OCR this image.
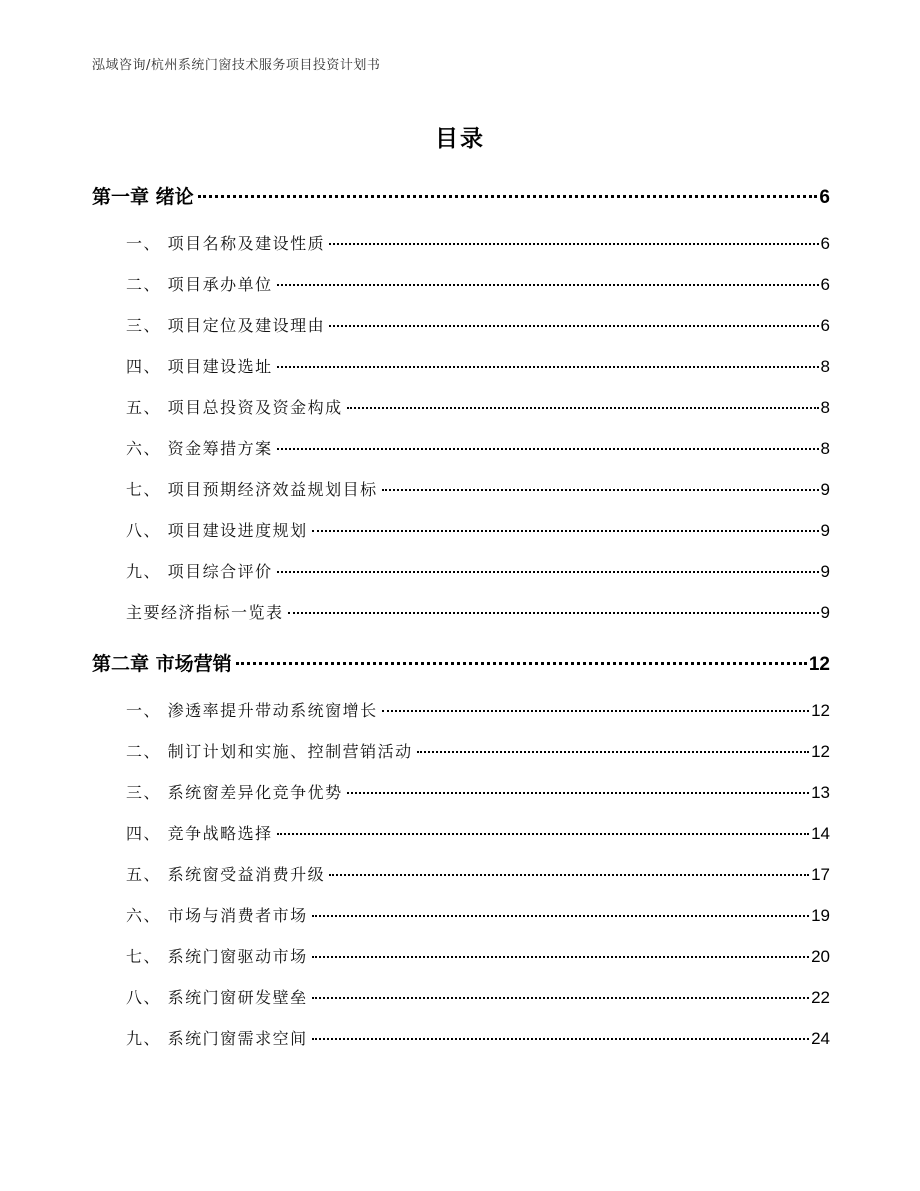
泓域咨询/杭州系统门窗技术服务项目投资计划书
目录
第一章 绪论	6
一、 项目名称及建设性质	6
二、 项目承办单位	6
三、 项目定位及建设理由	6
四、 项目建设选址	8
五、 项目总投资及资金构成	8
六、 资金筹措方案	8
七、 项目预期经济效益规划目标	9
八、 项目建设进度规划	9
九、 项目综合评价	9
主要经济指标一览表	9
第二章 市场营销	12
一、 渗透率提升带动系统窗增长	12
二、 制订计划和实施、控制营销活动	12
三、 系统窗差异化竞争优势	13
四、 竞争战略选择	14
五、 系统窗受益消费升级	17
六、 市场与消费者市场	19
七、 系统门窗驱动市场	20
八、 系统门窗研发壁垒	22
九、 系统门窗需求空间	24
